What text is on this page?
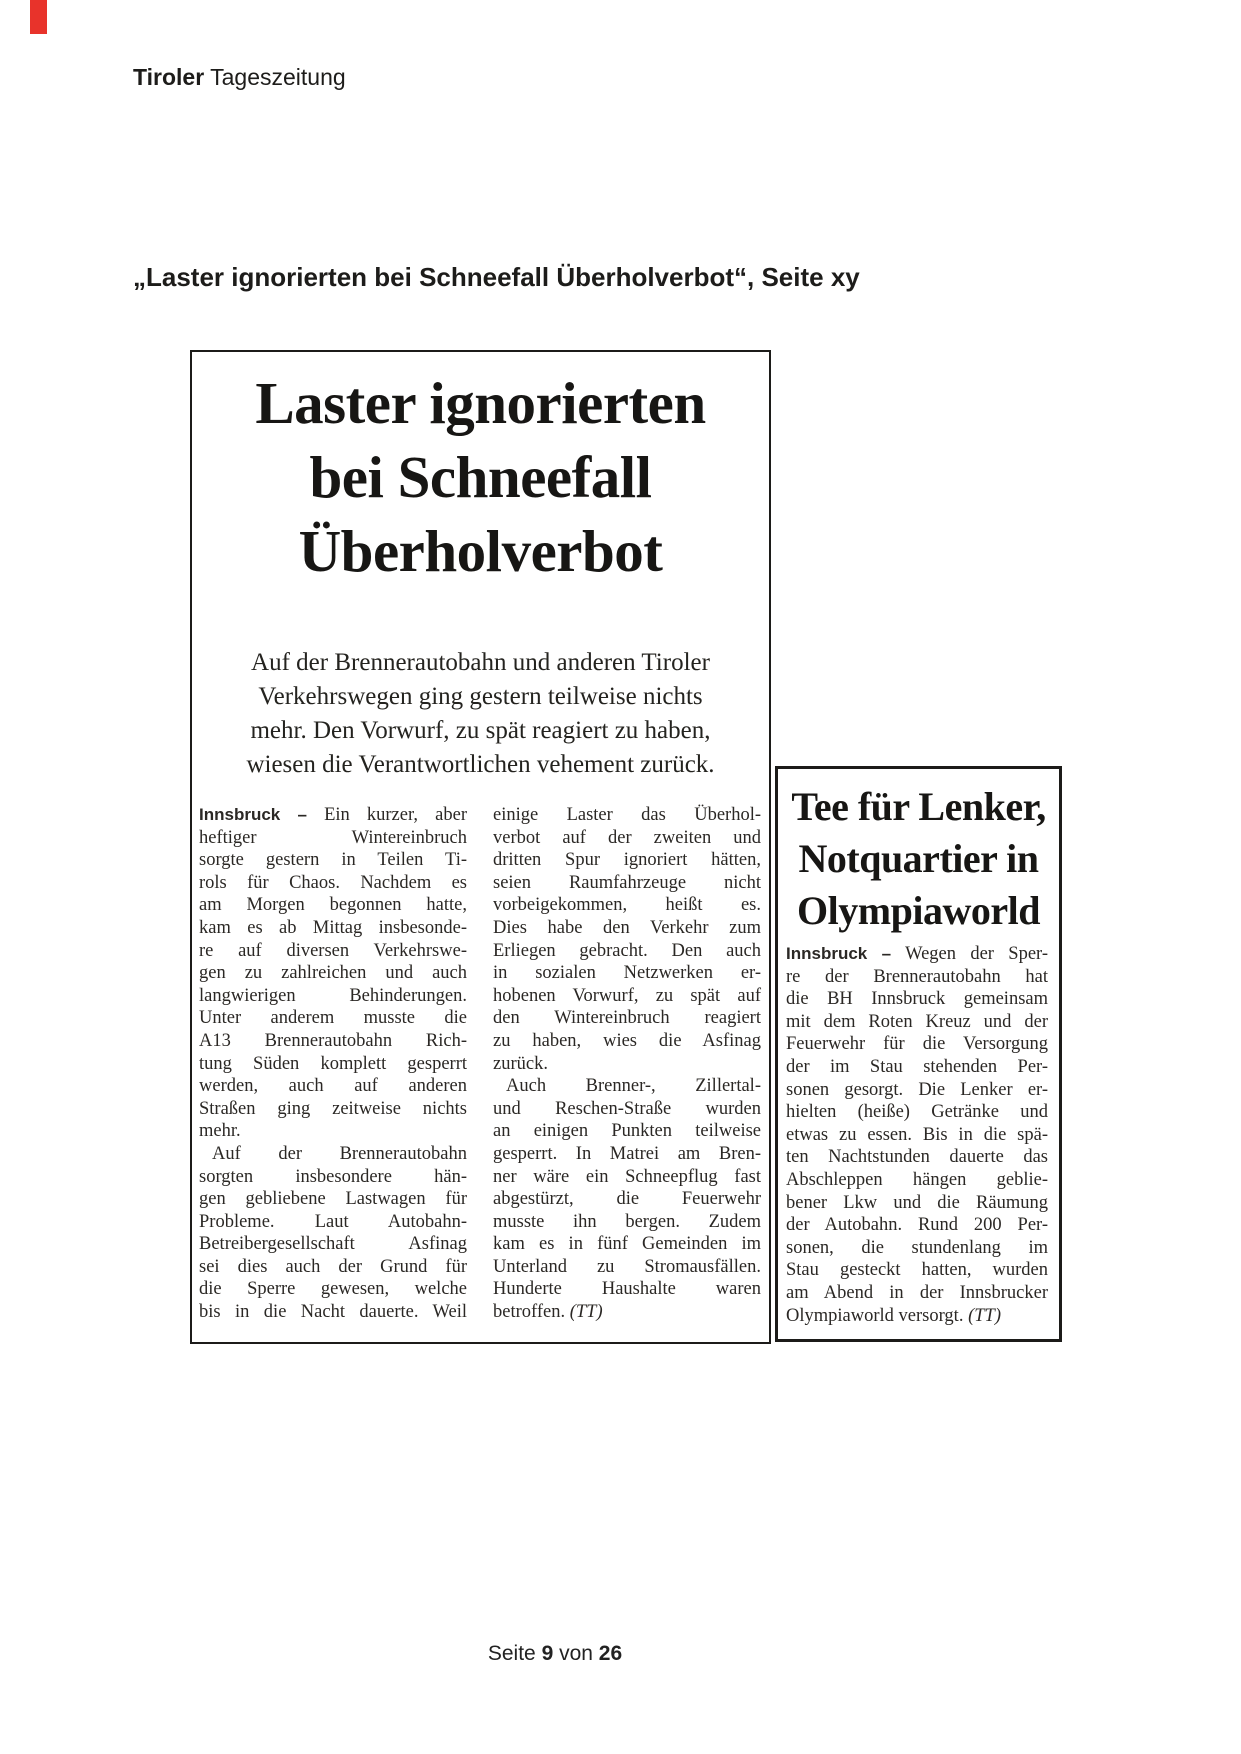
Tiroler Tageszeitung
„Laster ignorierten bei Schneefall Überholverbot“, Seite xy
Laster ignorierten
bei Schneefall
Überholverbot
Auf der Brennerautobahn und anderen Tiroler
Verkehrswegen ging gestern teilweise nichts
mehr. Den Vorwurf, zu spät reagiert zu haben,
wiesen die Verantwortlichen vehement zurück.
Innsbruck – Ein kurzer, aber
heftiger Wintereinbruch
sorgte gestern in Teilen Ti-
rols für Chaos. Nachdem es
am Morgen begonnen hatte,
kam es ab Mittag insbesonde-
re auf diversen Verkehrswe-
gen zu zahlreichen und auch
langwierigen Behinderungen.
Unter anderem musste die
A13 Brennerautobahn Rich-
tung Süden komplett gesperrt
werden, auch auf anderen
Straßen ging zeitweise nichts
mehr.
Auf der Brennerautobahn
sorgten insbesondere hän-
gen gebliebene Lastwagen für
Probleme. Laut Autobahn-
Betreibergesellschaft Asfinag
sei dies auch der Grund für
die Sperre gewesen, welche
bis in die Nacht dauerte. Weil
einige Laster das Überhol-
verbot auf der zweiten und
dritten Spur ignoriert hätten,
seien Raumfahrzeuge nicht
vorbeigekommen, heißt es.
Dies habe den Verkehr zum
Erliegen gebracht. Den auch
in sozialen Netzwerken er-
hobenen Vorwurf, zu spät auf
den Wintereinbruch reagiert
zu haben, wies die Asfinag
zurück.
Auch Brenner-, Zillertal-
und Reschen-Straße wurden
an einigen Punkten teilweise
gesperrt. In Matrei am Bren-
ner wäre ein Schneepflug fast
abgestürzt, die Feuerwehr
musste ihn bergen. Zudem
kam es in fünf Gemeinden im
Unterland zu Stromausfällen.
Hunderte Haushalte waren
betroffen. (TT)
Tee für Lenker,
Notquartier in
Olympiaworld
Innsbruck – Wegen der Sper-
re der Brennerautobahn hat
die BH Innsbruck gemeinsam
mit dem Roten Kreuz und der
Feuerwehr für die Versorgung
der im Stau stehenden Per-
sonen gesorgt. Die Lenker er-
hielten (heiße) Getränke und
etwas zu essen. Bis in die spä-
ten Nachtstunden dauerte das
Abschleppen hängen geblie-
bener Lkw und die Räumung
der Autobahn. Rund 200 Per-
sonen, die stundenlang im
Stau gesteckt hatten, wurden
am Abend in der Innsbrucker
Olympiaworld versorgt. (TT)
Seite 9 von 26
